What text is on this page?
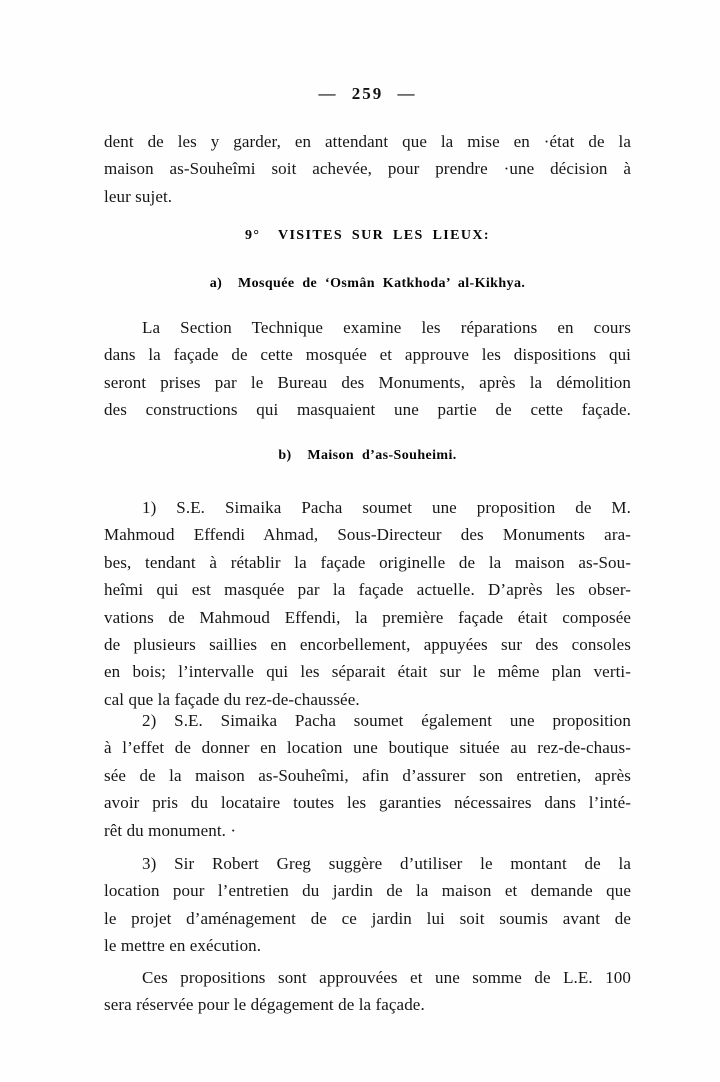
— 259 —
dent de les y garder, en attendant que la mise en ·état de la
maison as-Souheîmi soit achevée, pour prendre ·une décision à
leur sujet.
9°  VISITES SUR LES LIEUX:
a)  Mosquée de ‘Osmân Katkhoda’ al-Kikhya.
La Section Technique examine les réparations en cours
dans la façade de cette mosquée et approuve les dispositions qui
seront prises par le Bureau des Monuments, après la démolition
des constructions qui masquaient une partie de cette façade.
b)  Maison d’as-Souheimi.
1) S.E. Simaika Pacha soumet une proposition de M.
Mahmoud Effendi Ahmad, Sous-Directeur des Monuments ara-
bes, tendant à rétablir la façade originelle de la maison as-Sou-
heîmi qui est masquée par la façade actuelle. D’après les obser-
vations de Mahmoud Effendi, la première façade était composée
de plusieurs saillies en encorbellement, appuyées sur des consoles
en bois; l’intervalle qui les séparait était sur le même plan verti-
cal que la façade du rez-de-chaussée.
2) S.E. Simaika Pacha soumet également une proposition
à l’effet de donner en location une boutique située au rez-de-chaus-
sée de la maison as-Souheîmi, afin d’assurer son entretien, après
avoir pris du locataire toutes les garanties nécessaires dans l’inté-
rêt du monument. ·
3) Sir Robert Greg suggère d’utiliser le montant de la
location pour l’entretien du jardin de la maison et demande que
le projet d’aménagement de ce jardin lui soit soumis avant de
le mettre en exécution.
Ces propositions sont approuvées et une somme de L.E. 100
sera réservée pour le dégagement de la façade.
